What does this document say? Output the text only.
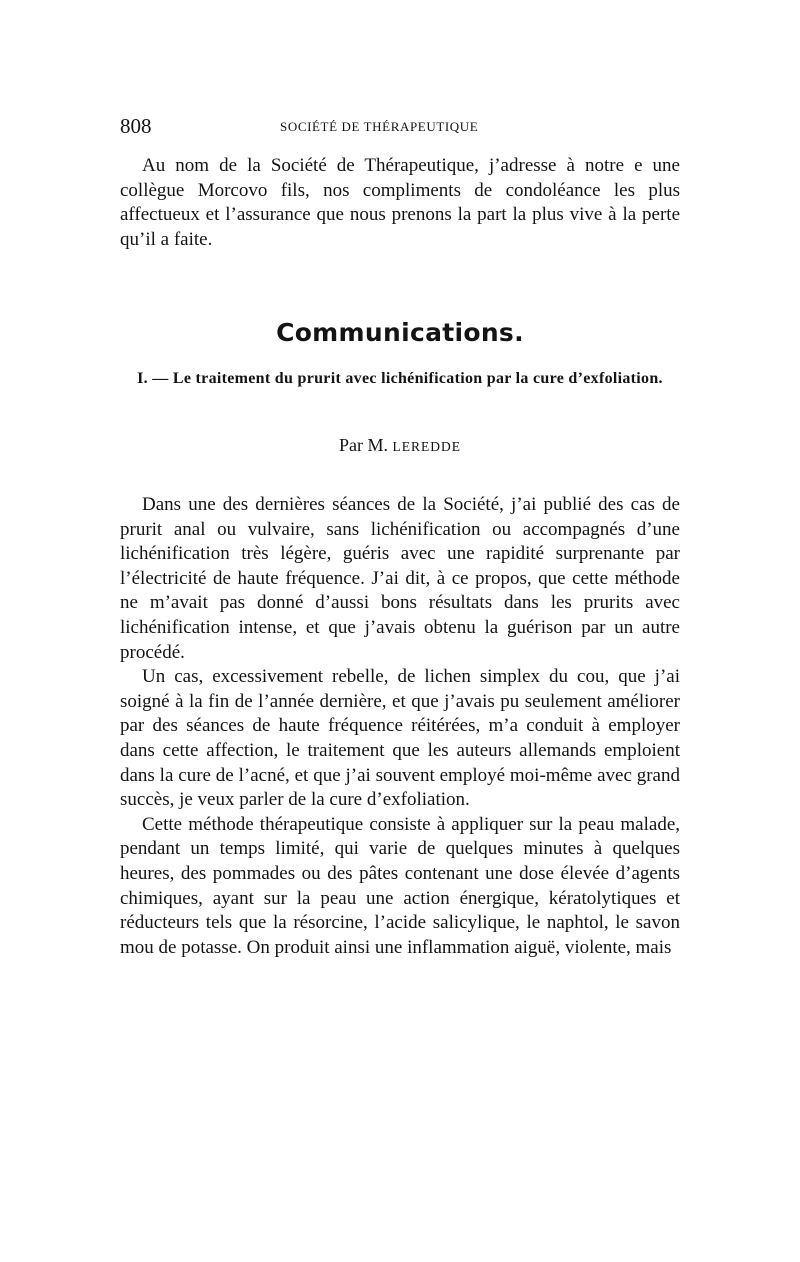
808	SOCIÉTÉ DE THÉRAPEUTIQUE

Au nom de la Société de Thérapeutique, j’adresse à notre e une collègue Morcovo fils, nos compliments de condoléance les plus affectueux et l’assurance que nous prenons la part la plus vive à la perte qu’il a faite.

Communications.
I. — Le traitement du prurit avec lichénification par la cure d’exfoliation.
Par M. LEREDDE

Dans une des dernières séances de la Société, j’ai publié des cas de prurit anal ou vulvaire, sans lichénification ou accompagnés d’une lichénification très légère, guéris avec une rapidité surprenante par l’électricité de haute fréquence. J’ai dit, à ce propos, que cette méthode ne m’avait pas donné d’aussi bons résultats dans les prurits avec lichénification intense, et que j’avais obtenu la guérison par un autre procédé.

Un cas, excessivement rebelle, de lichen simplex du cou, que j’ai soigné à la fin de l’année dernière, et que j’avais pu seulement améliorer par des séances de haute fréquence réitérées, m’a conduit à employer dans cette affection, le traitement que les auteurs allemands emploient dans la cure de l’acné, et que j’ai souvent employé moi-même avec grand succès, je veux parler de la cure d’exfoliation.

Cette méthode thérapeutique consiste à appliquer sur la peau malade, pendant un temps limité, qui varie de quelques minutes à quelques heures, des pommades ou des pâtes contenant une dose élevée d’agents chimiques, ayant sur la peau une action énergique, kératolytiques et réducteurs tels que la résorcine, l’acide salicylique, le naphtol, le savon mou de potasse. On produit ainsi une inflammation aiguë, violente, mais
